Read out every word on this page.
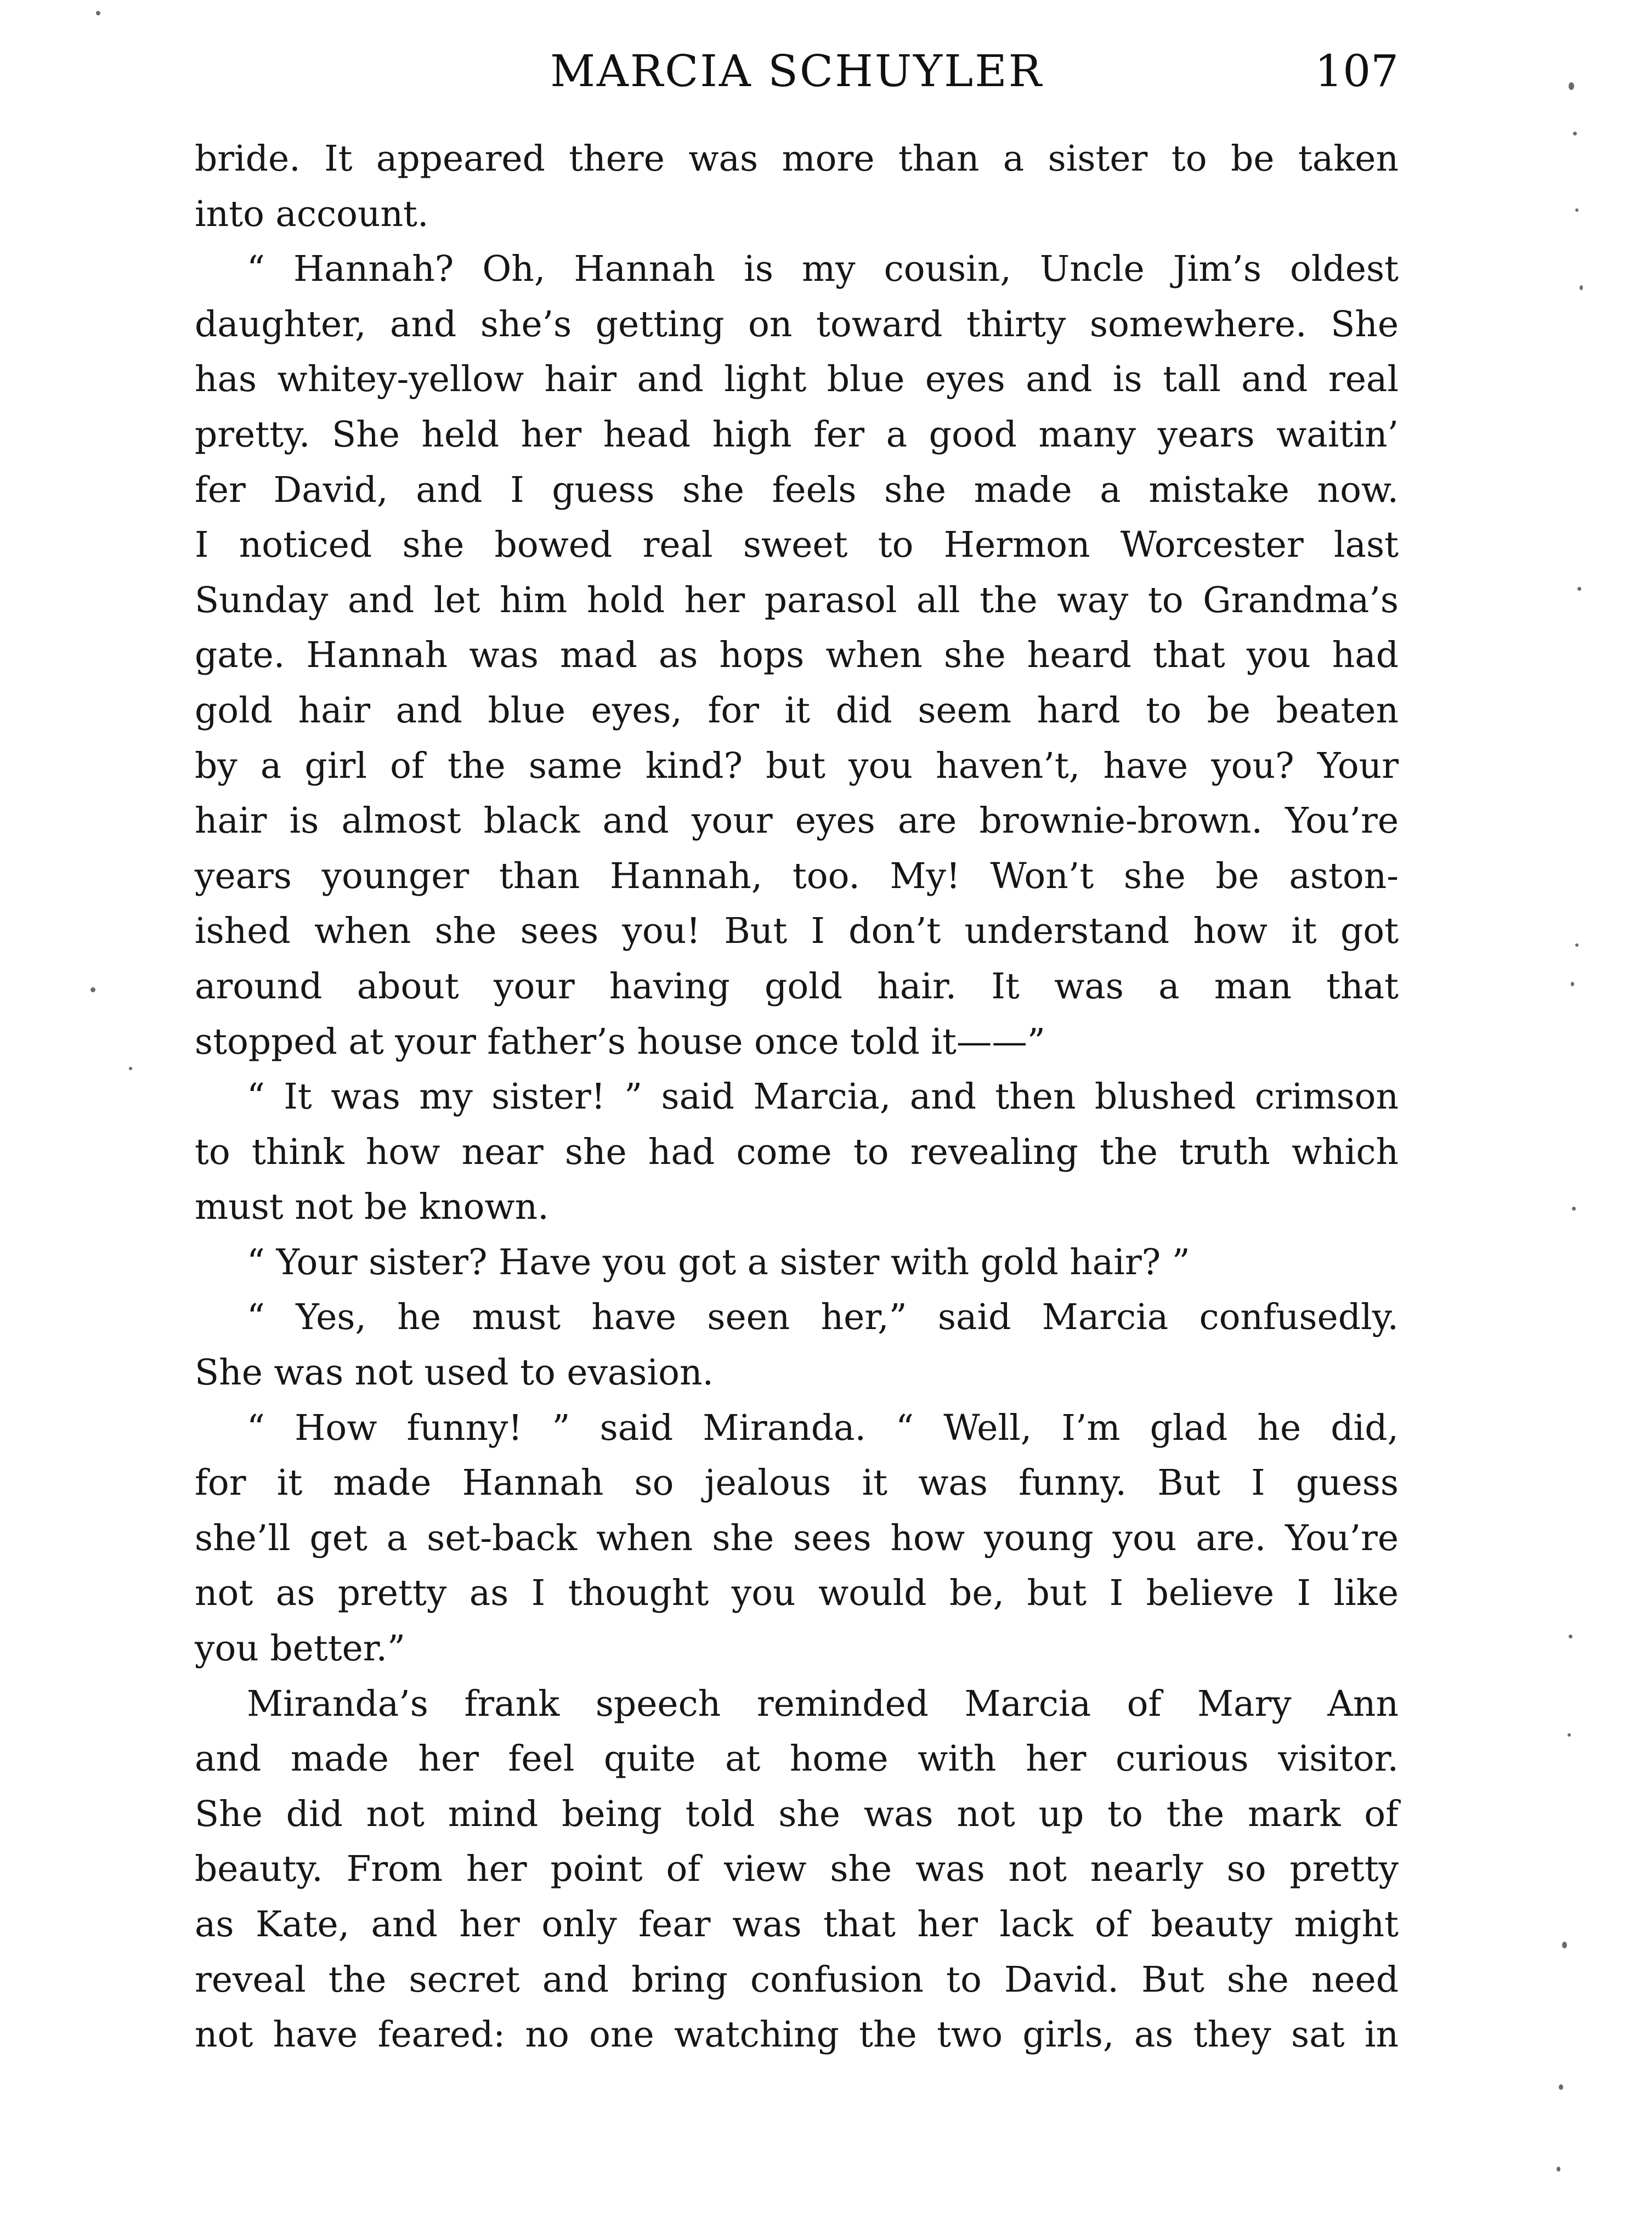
MARCIA SCHUYLER	107
bride. It appeared there was more than a sister to be taken
into account.
“ Hannah? Oh, Hannah is my cousin, Uncle Jim’s oldest
daughter, and she’s getting on toward thirty somewhere. She
has whitey-yellow hair and light blue eyes and is tall and real
pretty. She held her head high fer a good many years waitin’
fer David, and I guess she feels she made a mistake now.
I noticed she bowed real sweet to Hermon Worcester last
Sunday and let him hold her parasol all the way to Grandma’s
gate. Hannah was mad as hops when she heard that you had
gold hair and blue eyes, for it did seem hard to be beaten
by a girl of the same kind? but you haven’t, have you? Your
hair is almost black and your eyes are brownie-brown. You’re
years younger than Hannah, too. My! Won’t she be aston-
ished when she sees you! But I don’t understand how it got
around about your having gold hair. It was a man that
stopped at your father’s house once told it——”
“ It was my sister! ” said Marcia, and then blushed crimson
to think how near she had come to revealing the truth which
must not be known.
“ Your sister? Have you got a sister with gold hair? ”
“ Yes, he must have seen her,” said Marcia confusedly.
She was not used to evasion.
“ How funny! ” said Miranda. “ Well, I’m glad he did,
for it made Hannah so jealous it was funny. But I guess
she’ll get a set-back when she sees how young you are. You’re
not as pretty as I thought you would be, but I believe I like
you better.”
Miranda’s frank speech reminded Marcia of Mary Ann
and made her feel quite at home with her curious visitor.
She did not mind being told she was not up to the mark of
beauty. From her point of view she was not nearly so pretty
as Kate, and her only fear was that her lack of beauty might
reveal the secret and bring confusion to David. But she need
not have feared: no one watching the two girls, as they sat in
